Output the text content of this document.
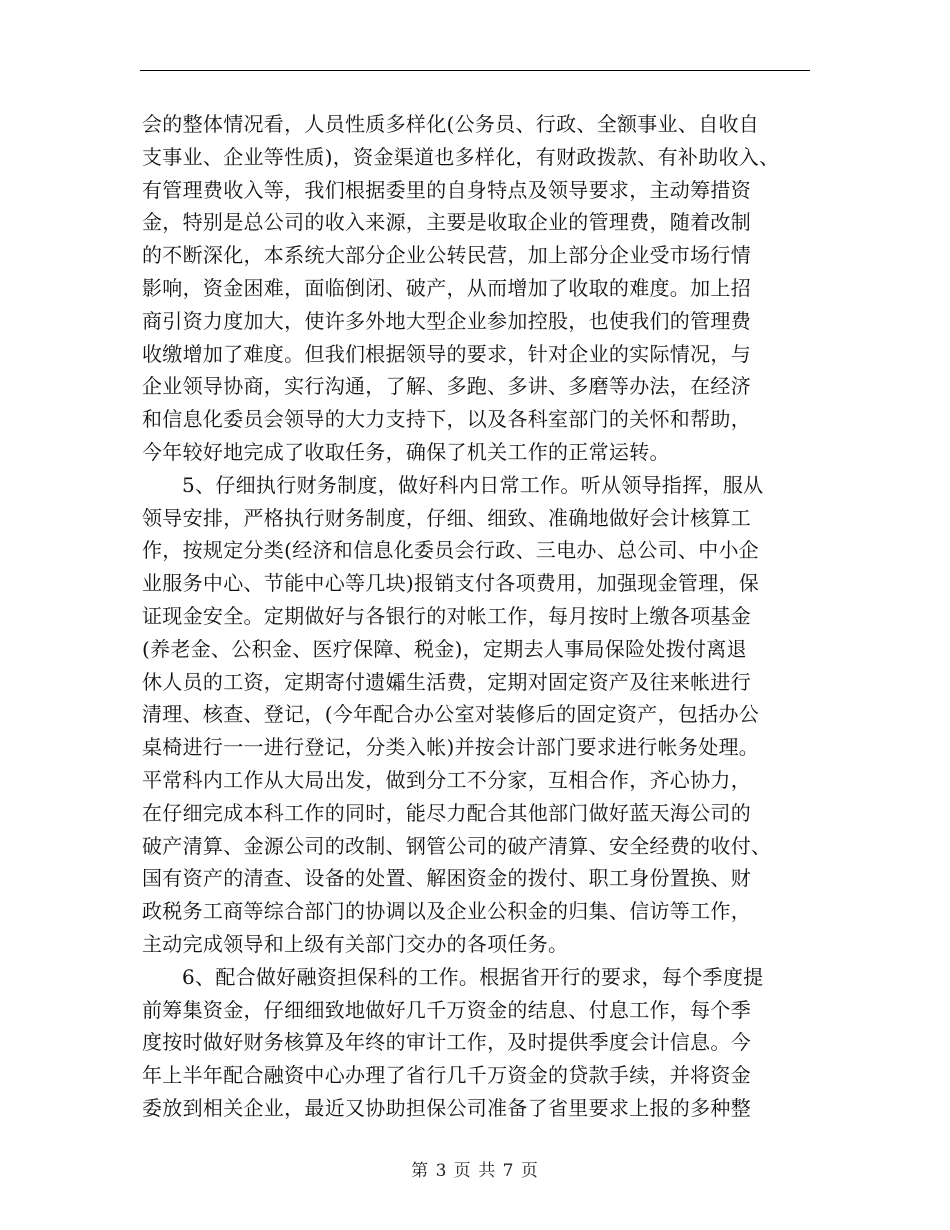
会的整体情况看，人员性质多样化(公务员、行政、全额事业、自收自
支事业、企业等性质)，资金渠道也多样化，有财政拨款、有补助收入、
有管理费收入等，我们根据委里的自身特点及领导要求，主动筹措资
金，特别是总公司的收入来源，主要是收取企业的管理费，随着改制
的不断深化，本系统大部分企业公转民营，加上部分企业受市场行情
影响，资金困难，面临倒闭、破产，从而增加了收取的难度。加上招
商引资力度加大，使许多外地大型企业参加控股，也使我们的管理费
收缴增加了难度。但我们根据领导的要求，针对企业的实际情况，与
企业领导协商，实行沟通，了解、多跑、多讲、多磨等办法，在经济
和信息化委员会领导的大力支持下，以及各科室部门的关怀和帮助，
今年较好地完成了收取任务，确保了机关工作的正常运转。
5、仔细执行财务制度，做好科内日常工作。听从领导指挥，服从
领导安排，严格执行财务制度，仔细、细致、准确地做好会计核算工
作，按规定分类(经济和信息化委员会行政、三电办、总公司、中小企
业服务中心、节能中心等几块)报销支付各项费用，加强现金管理，保
证现金安全。定期做好与各银行的对帐工作，每月按时上缴各项基金
(养老金、公积金、医疗保障、税金)，定期去人事局保险处拨付离退
休人员的工资，定期寄付遗孀生活费，定期对固定资产及往来帐进行
清理、核查、登记，(今年配合办公室对装修后的固定资产，包括办公
桌椅进行一一进行登记，分类入帐)并按会计部门要求进行帐务处理。
平常科内工作从大局出发，做到分工不分家，互相合作，齐心协力，
在仔细完成本科工作的同时，能尽力配合其他部门做好蓝天海公司的
破产清算、金源公司的改制、钢管公司的破产清算、安全经费的收付、
国有资产的清查、设备的处置、解困资金的拨付、职工身份置换、财
政税务工商等综合部门的协调以及企业公积金的归集、信访等工作，
主动完成领导和上级有关部门交办的各项任务。
6、配合做好融资担保科的工作。根据省开行的要求，每个季度提
前筹集资金，仔细细致地做好几千万资金的结息、付息工作，每个季
度按时做好财务核算及年终的审计工作，及时提供季度会计信息。今
年上半年配合融资中心办理了省行几千万资金的贷款手续，并将资金
委放到相关企业，最近又协助担保公司准备了省里要求上报的多种整
第 3 页 共 7 页
